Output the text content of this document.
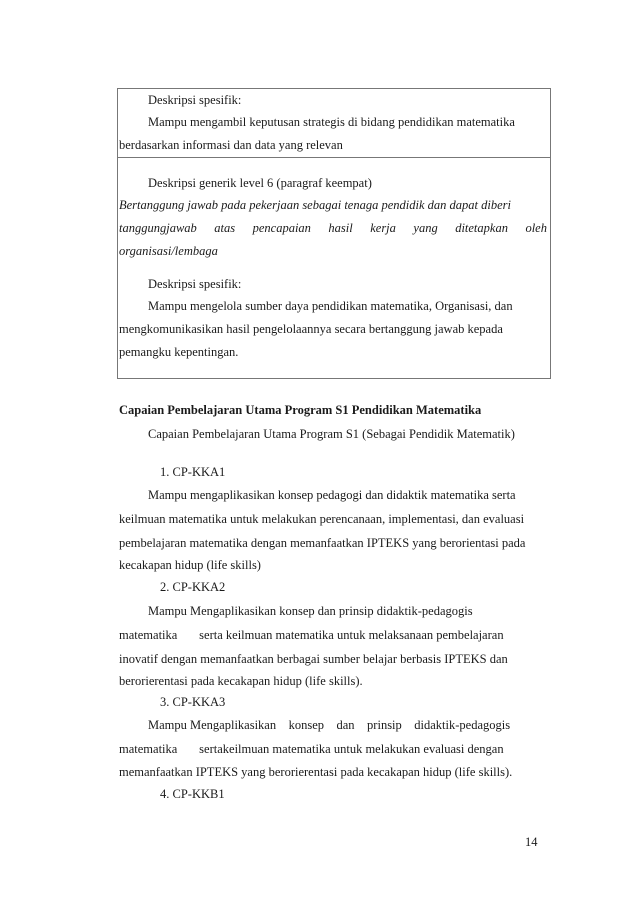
Deskripsi spesifik:
Mampu mengambil keputusan strategis di bidang pendidikan matematika
berdasarkan informasi dan data yang relevan
Deskripsi generik level 6 (paragraf keempat)
Bertanggung jawab pada pekerjaan sebagai tenaga pendidik dan dapat diberi
tanggungjawab atas pencapaian hasil kerja yang ditetapkan oleh
organisasi/lembaga
Deskripsi spesifik:
Mampu mengelola sumber daya pendidikan matematika, Organisasi, dan
mengkomunikasikan hasil pengelolaannya secara bertanggung jawab kepada
pemangku kepentingan.
Capaian Pembelajaran Utama Program S1 Pendidikan Matematika
Capaian Pembelajaran Utama Program S1 (Sebagai Pendidik Matematik)
1. CP-KKA1
Mampu mengaplikasikan konsep pedagogi dan didaktik matematika serta
keilmuan matematika untuk melakukan perencanaan, implementasi, dan evaluasi
pembelajaran matematika dengan memanfaatkan IPTEKS yang berorientasi pada
kecakapan hidup (life skills)
2. CP-KKA2
Mampu Mengaplikasikan konsep dan prinsip didaktik-pedagogis
matematika       serta keilmuan matematika untuk melaksanaan pembelajaran
inovatif dengan memanfaatkan berbagai sumber belajar berbasis IPTEKS dan
berorierentasi pada kecakapan hidup (life skills).
3. CP-KKA3
Mampu Mengaplikasikan    konsep    dan    prinsip    didaktik-pedagogis
matematika       sertakeilmuan matematika untuk melakukan evaluasi dengan
memanfaatkan IPTEKS yang berorierentasi pada kecakapan hidup (life skills).
4. CP-KKB1
14
